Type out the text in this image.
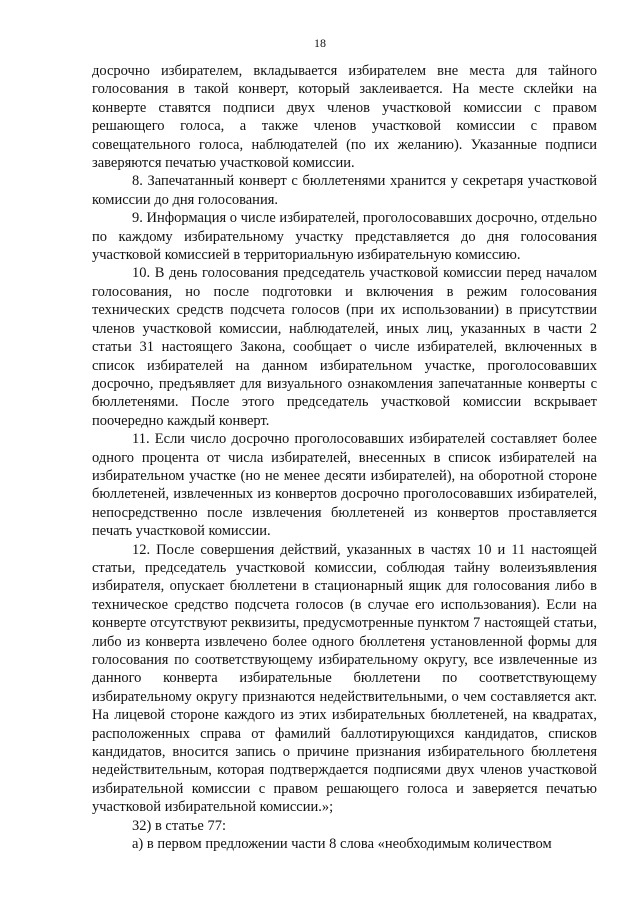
18

досрочно избирателем, вкладывается избирателем вне места для тайного голосования в такой конверт, который заклеивается. На месте склейки на конверте ставятся подписи двух членов участковой комиссии с правом решающего голоса, а также членов участковой комиссии с правом совещательного голоса, наблюдателей (по их желанию). Указанные подписи заверяются печатью участковой комиссии.

8. Запечатанный конверт с бюллетенями хранится у секретаря участковой комиссии до дня голосования.

9. Информация о числе избирателей, проголосовавших досрочно, отдельно по каждому избирательному участку представляется до дня голосования участковой комиссией в территориальную избирательную комиссию.

10. В день голосования председатель участковой комиссии перед началом голосования, но после подготовки и включения в режим голосования технических средств подсчета голосов (при их использовании) в присутствии членов участковой комиссии, наблюдателей, иных лиц, указанных в части 2 статьи 31 настоящего Закона, сообщает о числе избирателей, включенных в список избирателей на данном избирательном участке, проголосовавших досрочно, предъявляет для визуального ознакомления запечатанные конверты с бюллетенями. После этого председатель участковой комиссии вскрывает поочередно каждый конверт.

11. Если число досрочно проголосовавших избирателей составляет более одного процента от числа избирателей, внесенных в список избирателей на избирательном участке (но не менее десяти избирателей), на оборотной стороне бюллетеней, извлеченных из конвертов досрочно проголосовавших избирателей, непосредственно после извлечения бюллетеней из конвертов проставляется печать участковой комиссии.

12. После совершения действий, указанных в частях 10 и 11 настоящей статьи, председатель участковой комиссии, соблюдая тайну волеизъявления избирателя, опускает бюллетени в стационарный ящик для голосования либо в техническое средство подсчета голосов (в случае его использования). Если на конверте отсутствуют реквизиты, предусмотренные пунктом 7 настоящей статьи, либо из конверта извлечено более одного бюллетеня установленной формы для голосования по соответствующему избирательному округу, все извлеченные из данного конверта избирательные бюллетени по соответствующему избирательному округу признаются недействительными, о чем составляется акт. На лицевой стороне каждого из этих избирательных бюллетеней, на квадратах, расположенных справа от фамилий баллотирующихся кандидатов, списков кандидатов, вносится запись о причине признания избирательного бюллетеня недействительным, которая подтверждается подписями двух членов участковой избирательной комиссии с правом решающего голоса и заверяется печатью участковой избирательной комиссии.»;

32) в статье 77:

а) в первом предложении части 8 слова «необходимым количеством
